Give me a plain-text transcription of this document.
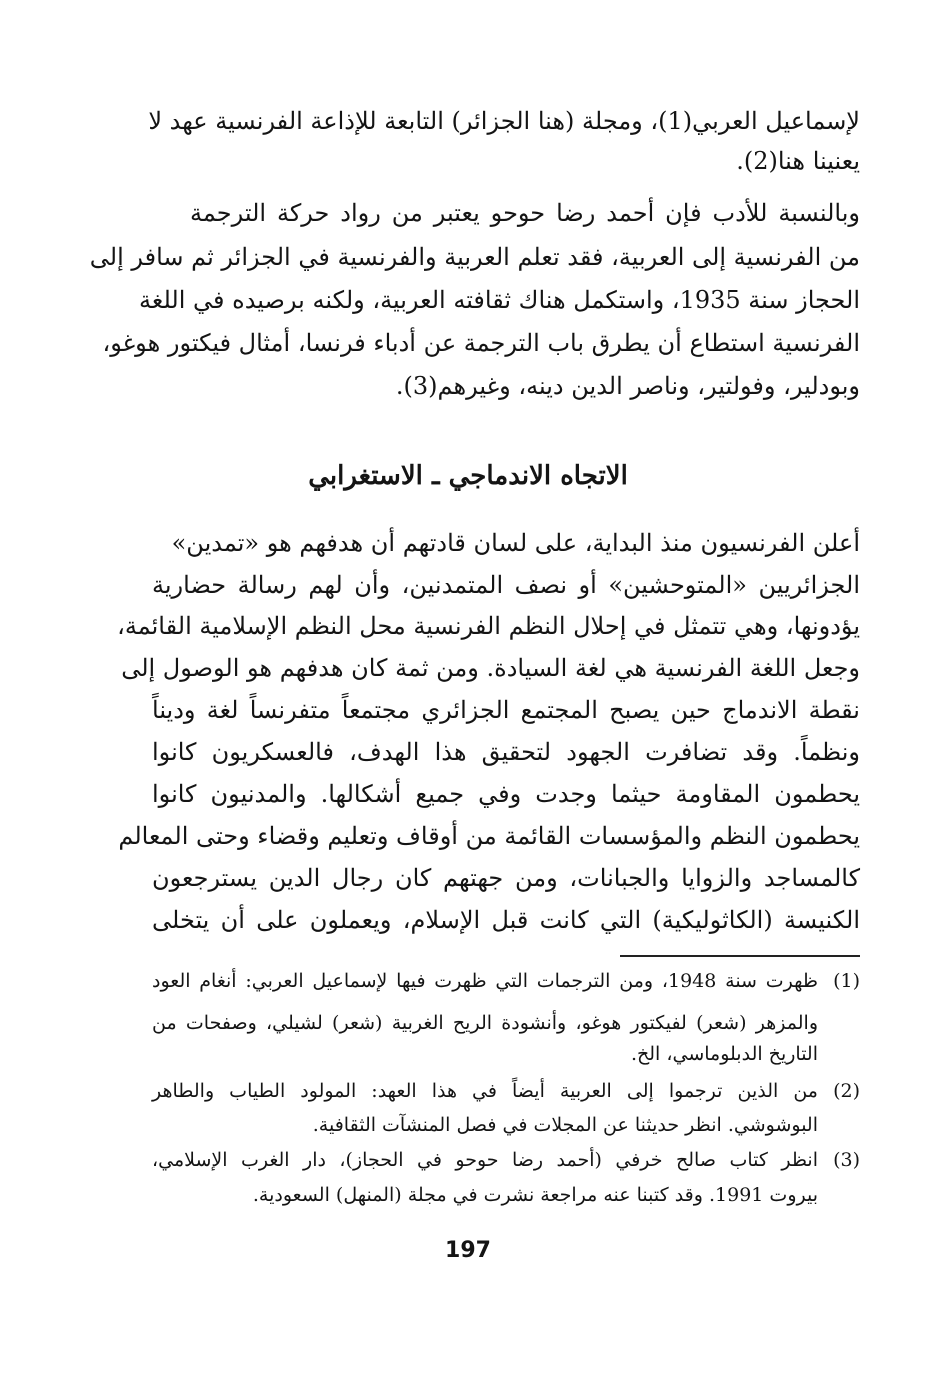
لإسماعيل العربي(1)، ومجلة (هنا الجزائر) التابعة للإذاعة الفرنسية عهد لا
يعنينا هنا(2).
وبالنسبة للأدب فإن أحمد رضا حوحو يعتبر من رواد حركة الترجمة
من الفرنسية إلى العربية، فقد تعلم العربية والفرنسية في الجزائر ثم سافر إلى
الحجاز سنة 1935، واستكمل هناك ثقافته العربية، ولكنه برصيده في اللغة
الفرنسية استطاع أن يطرق باب الترجمة عن أدباء فرنسا، أمثال فيكتور هوغو،
وبودلير، وفولتير، وناصر الدين دينه، وغيرهم(3).
الاتجاه الاندماجي ـ الاستغرابي
أعلن الفرنسيون منذ البداية، على لسان قادتهم أن هدفهم هو «تمدين»
الجزائريين «المتوحشين» أو نصف المتمدنين، وأن لهم رسالة حضارية
يؤدونها، وهي تتمثل في إحلال النظم الفرنسية محل النظم الإسلامية القائمة،
وجعل اللغة الفرنسية هي لغة السيادة. ومن ثمة كان هدفهم هو الوصول إلى
نقطة الاندماج حين يصبح المجتمع الجزائري مجتمعاً متفرنساً لغة وديناً
ونظماً. وقد تضافرت الجهود لتحقيق هذا الهدف، فالعسكريون كانوا
يحطمون المقاومة حيثما وجدت وفي جميع أشكالها. والمدنيون كانوا
يحطمون النظم والمؤسسات القائمة من أوقاف وتعليم وقضاء وحتى المعالم
كالمساجد والزوايا والجبانات، ومن جهتهم كان رجال الدين يسترجعون
الكنيسة (الكاثوليكية) التي كانت قبل الإسلام، ويعملون على أن يتخلى
(1)
ظهرت سنة 1948، ومن الترجمات التي ظهرت فيها لإسماعيل العربي: أنغام العود
والمزهر (شعر) لفيكتور هوغو، وأنشودة الريح الغربية (شعر) لشيلي، وصفحات من
التاريخ الدبلوماسي، الخ.
(2)
من الذين ترجموا إلى العربية أيضاً في هذا العهد: المولود الطياب والطاهر
البوشوشي. انظر حديثنا عن المجلات في فصل المنشآت الثقافية.
(3)
انظر كتاب صالح خرفي (أحمد رضا حوحو في الحجاز)، دار الغرب الإسلامي،
بيروت 1991. وقد كتبنا عنه مراجعة نشرت في مجلة (المنهل) السعودية.
197
